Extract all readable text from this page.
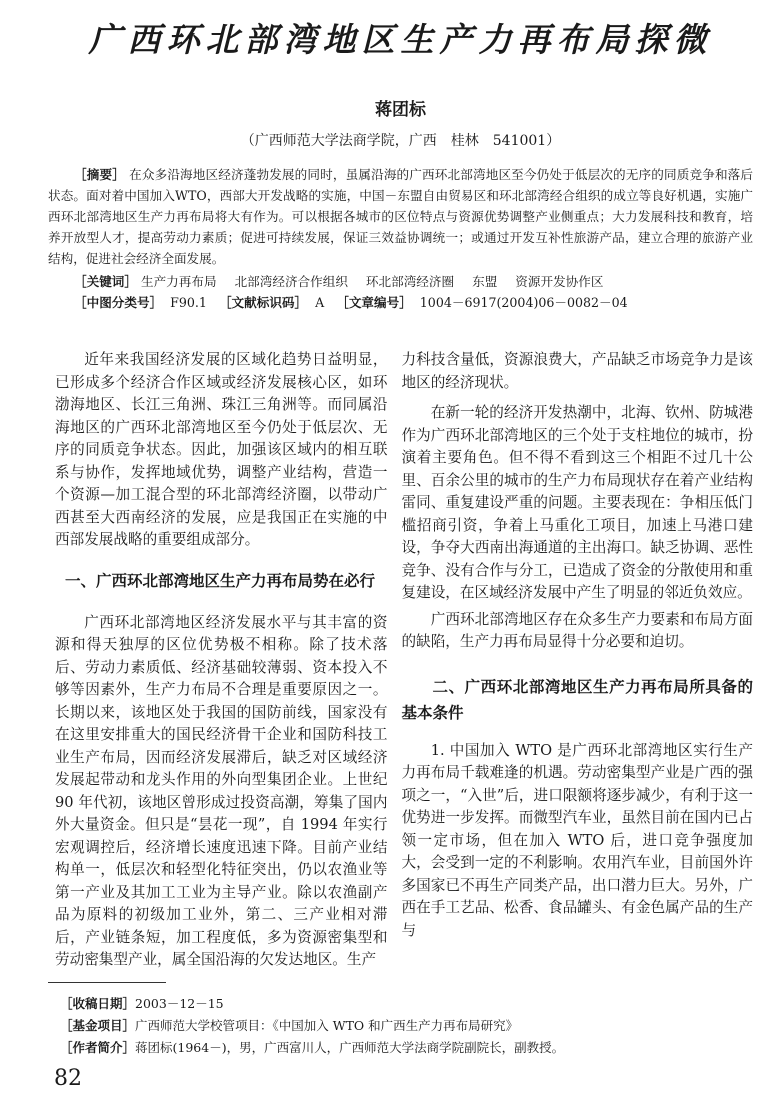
广西环北部湾地区生产力再布局探微
蒋团标
（广西师范大学法商学院，广西　桂林　541001）
［摘要］ 在众多沿海地区经济蓬勃发展的同时，虽属沿海的广西环北部湾地区至今仍处于低层次的无序的同质竞争和落后状态。面对着中国加入WTO，西部大开发战略的实施，中国－东盟自由贸易区和环北部湾经合组织的成立等良好机遇，实施广西环北部湾地区生产力再布局将大有作为。可以根据各城市的区位特点与资源优势调整产业侧重点；大力发展科技和教育，培养开放型人才，提高劳动力素质；促进可持续发展，保证三效益协调统一；或通过开发互补性旅游产品，建立合理的旅游产业结构，促进社会经济全面发展。
［关键词］ 生产力再布局 北部湾经济合作组织 环北部湾经济圈 东盟 资源开发协作区
［中图分类号］ F90.1 ［文献标识码］ A ［文章编号］ 1004－6917(2004)06－0082－04

近年来我国经济发展的区域化趋势日益明显，已形成多个经济合作区域或经济发展核心区，如环渤海地区、长江三角洲、珠江三角洲等。而同属沿海地区的广西环北部湾地区至今仍处于低层次、无序的同质竞争状态。因此，加强该区域内的相互联系与协作，发挥地域优势，调整产业结构，营造一个资源—加工混合型的环北部湾经济圈，以带动广西甚至大西南经济的发展，应是我国正在实施的中西部发展战略的重要组成部分。

一、广西环北部湾地区生产力再布局势在必行

广西环北部湾地区经济发展水平与其丰富的资源和得天独厚的区位优势极不相称。除了技术落后、劳动力素质低、经济基础较薄弱、资本投入不够等因素外，生产力布局不合理是重要原因之一。长期以来，该地区处于我国的国防前线，国家没有在这里安排重大的国民经济骨干企业和国防科技工业生产布局，因而经济发展滞后，缺乏对区域经济发展起带动和龙头作用的外向型集团企业。上世纪 90 年代初，该地区曾形成过投资高潮，筹集了国内外大量资金。但只是“昙花一现”，自 1994 年实行宏观调控后，经济增长速度迅速下降。目前产业结构单一，低层次和轻型化特征突出，仍以农渔业等第一产业及其加工工业为主导产业。除以农渔副产品为原料的初级加工业外，第二、三产业相对滞后，产业链条短，加工程度低，多为资源密集型和劳动密集型产业，属全国沿海的欠发达地区。生产

力科技含量低，资源浪费大，产品缺乏市场竞争力是该地区的经济现状。

在新一轮的经济开发热潮中，北海、钦州、防城港作为广西环北部湾地区的三个处于支柱地位的城市，扮演着主要角色。但不得不看到这三个相距不过几十公里、百余公里的城市的生产力布局现状存在着产业结构雷同、重复建设严重的问题。主要表现在：争相压低门槛招商引资，争着上马重化工项目，加速上马港口建设，争夺大西南出海通道的主出海口。缺乏协调、恶性竞争、没有合作与分工，已造成了资金的分散使用和重复建设，在区域经济发展中产生了明显的邻近负效应。

广西环北部湾地区存在众多生产力要素和布局方面的缺陷，生产力再布局显得十分必要和迫切。

二、广西环北部湾地区生产力再布局所具备的基本条件

1. 中国加入 WTO 是广西环北部湾地区实行生产力再布局千载难逢的机遇。劳动密集型产业是广西的强项之一，“入世”后，进口限额将逐步减少，有利于这一优势进一步发挥。而微型汽车业，虽然目前在国内已占领一定市场，但在加入 WTO 后，进口竞争强度加大，会受到一定的不利影响。农用汽车业，目前国外许多国家已不再生产同类产品，出口潜力巨大。另外，广西在手工艺品、松香、食品罐头、有金色属产品的生产与

［收稿日期］2003－12－15
［基金项目］广西师范大学校管项目：《中国加入 WTO 和广西生产力再布局研究》
［作者简介］蒋团标(1964－)，男，广西富川人，广西师范大学法商学院副院长，副教授。
82
